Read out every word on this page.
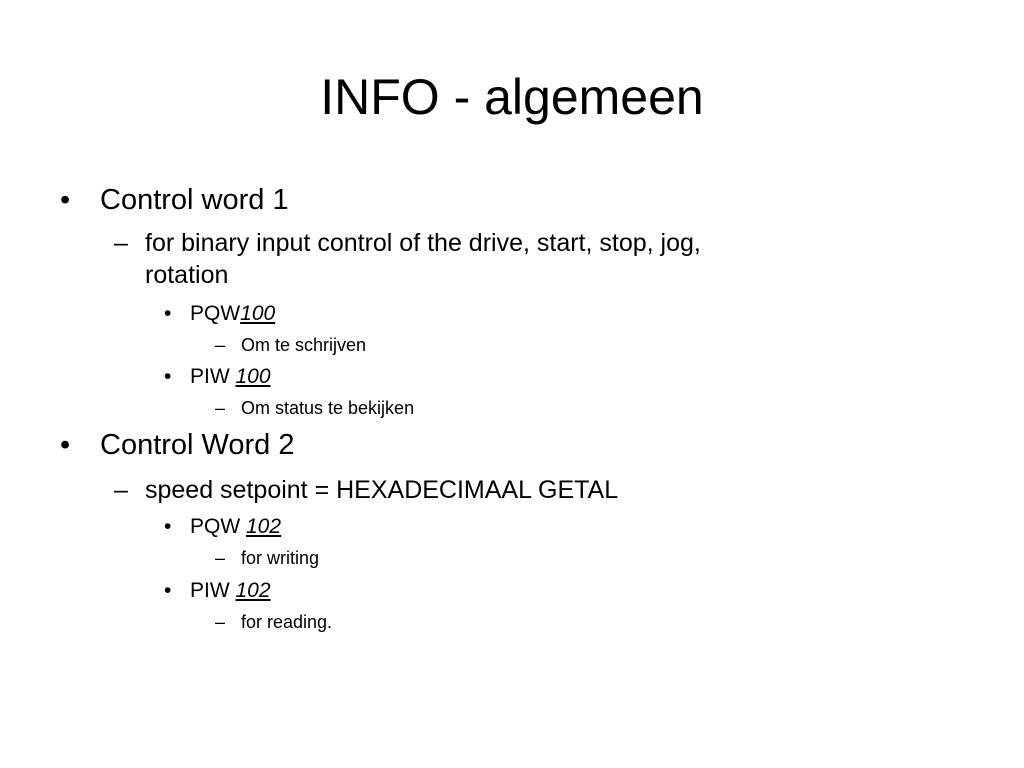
INFO - algemeen
• Control word 1
– for binary input control of the drive, start, stop, jog,
rotation
• PQW100
– Om te schrijven
• PIW 100
– Om status te bekijken
• Control Word 2
– speed setpoint = HEXADECIMAAL GETAL
• PQW 102
– for writing
• PIW 102
– for reading.
